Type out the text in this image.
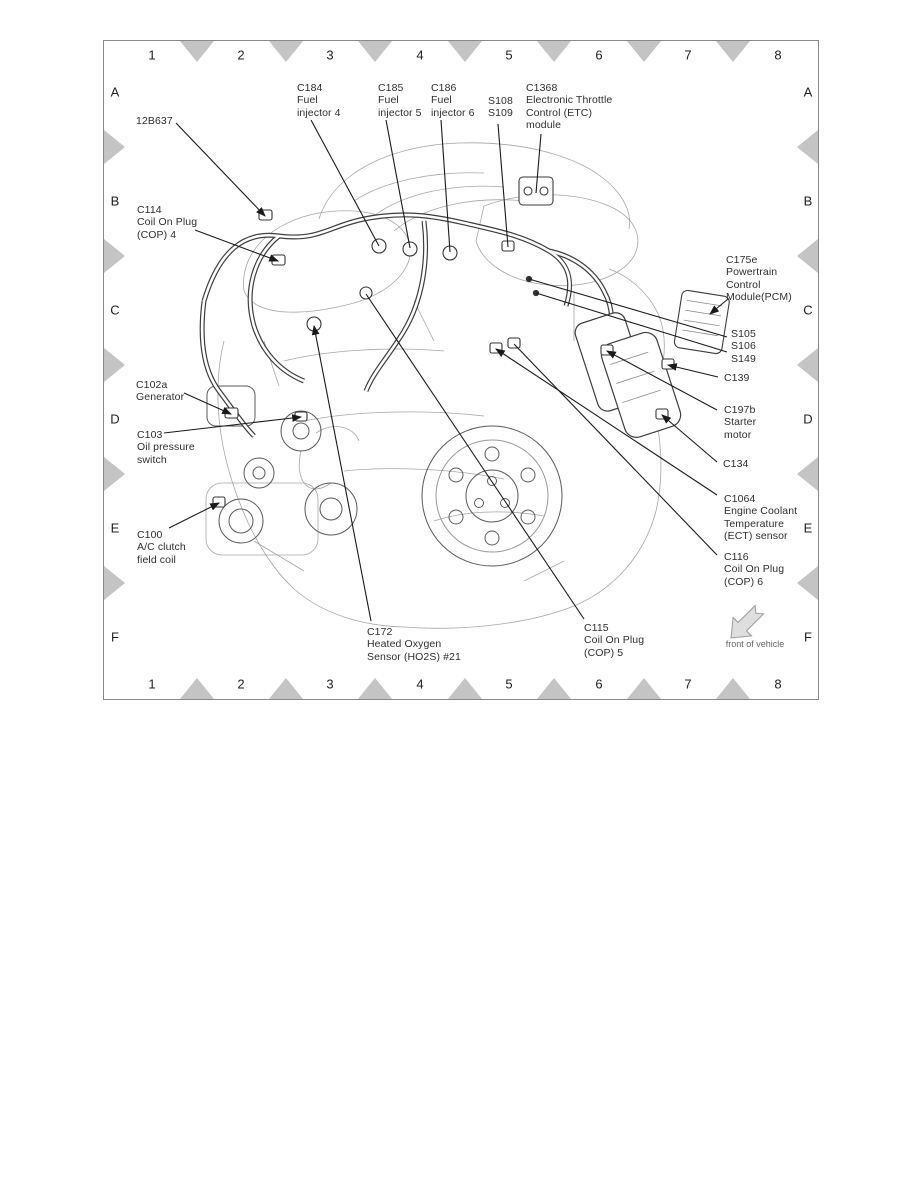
front of vehicle
1
1
2
2
3
3
4
4
5
5
6
6
7
7
8
8
A	A
B	B
C	C
D	D
E	E
F	F
12B637
C184
Fuel
injector 4
C185
Fuel
injector 5
C186
Fuel
injector 6
S108
S109
C1368
Electronic Throttle
Control (ETC)
module
C114
Coil On Plug
(COP) 4
C102a
Generator
C103
Oil pressure
switch
C100
A/C clutch
field coil
C172
Heated Oxygen
Sensor (HO2S) #21
C115
Coil On Plug
(COP) 5
C175e
Powertrain
Control
Module(PCM)
S105
S106
S149
C139
C197b
Starter
motor
C134
C1064
Engine Coolant
Temperature
(ECT) sensor
C116
Coil On Plug
(COP) 6
